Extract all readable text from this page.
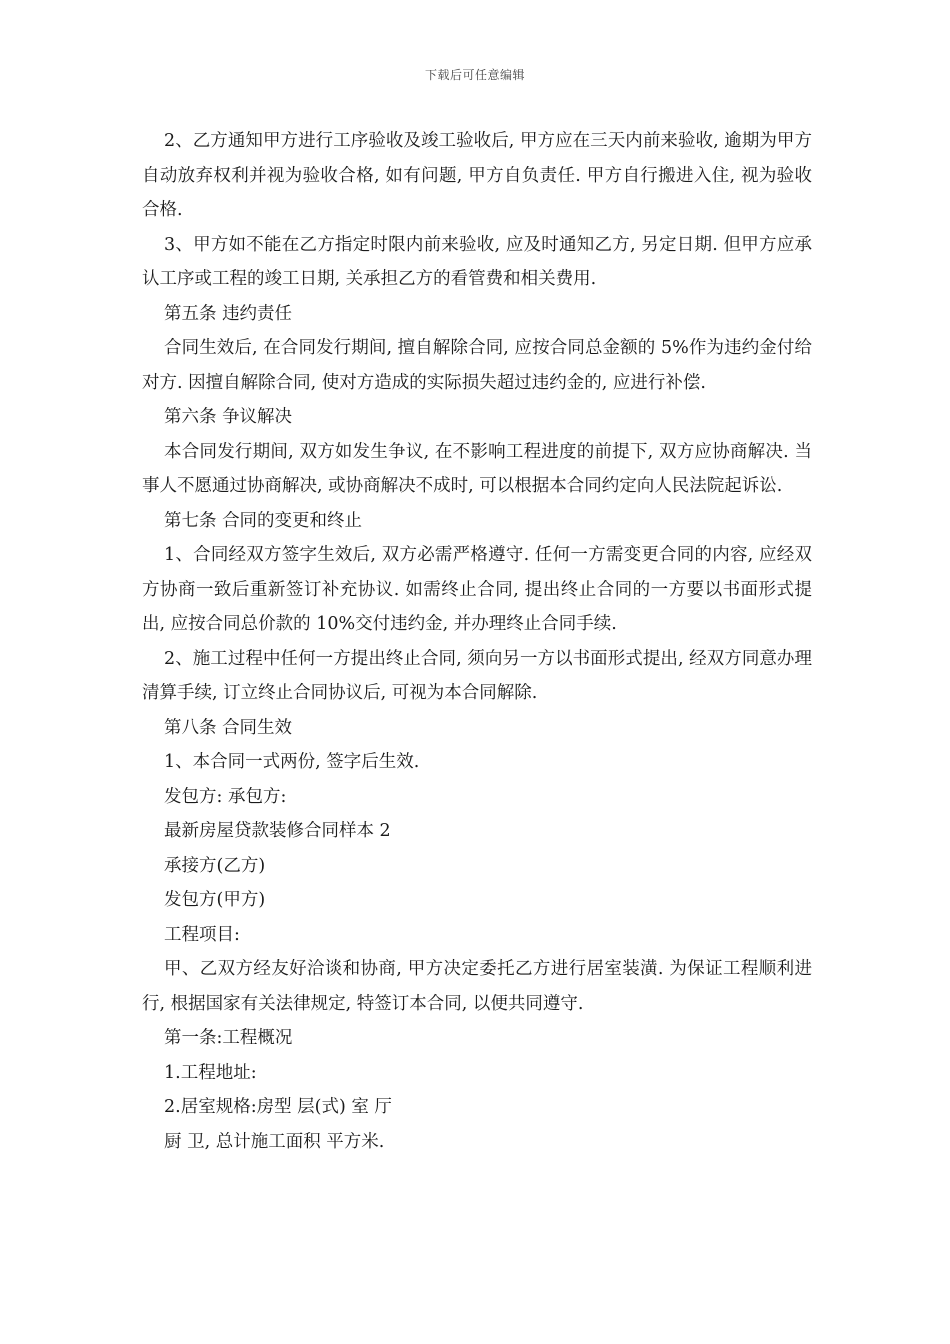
下载后可任意编辑

2、乙方通知甲方进行工序验收及竣工验收后, 甲方应在三天内前来验收, 逾期为甲方自动放弃权利并视为验收合格, 如有问题, 甲方自负责任. 甲方自行搬进入住, 视为验收合格.

3、甲方如不能在乙方指定时限内前来验收, 应及时通知乙方, 另定日期. 但甲方应承认工序或工程的竣工日期, 关承担乙方的看管费和相关费用.

第五条 违约责任

合同生效后, 在合同发行期间, 擅自解除合同, 应按合同总金额的 5%作为违约金付给对方. 因擅自解除合同, 使对方造成的实际损失超过违约金的, 应进行补偿.

第六条 争议解决

本合同发行期间, 双方如发生争议, 在不影响工程进度的前提下, 双方应协商解决. 当事人不愿通过协商解决, 或协商解决不成时, 可以根据本合同约定向人民法院起诉讼.

第七条 合同的变更和终止

1、合同经双方签字生效后, 双方必需严格遵守. 任何一方需变更合同的内容, 应经双方协商一致后重新签订补充协议. 如需终止合同, 提出终止合同的一方要以书面形式提出, 应按合同总价款的 10%交付违约金, 并办理终止合同手续.

2、施工过程中任何一方提出终止合同, 须向另一方以书面形式提出, 经双方同意办理清算手续, 订立终止合同协议后, 可视为本合同解除.

第八条 合同生效

1、本合同一式两份, 签字后生效.

发包方: 承包方:

最新房屋贷款装修合同样本 2

承接方(乙方)

发包方(甲方)

工程项目:

甲、乙双方经友好洽谈和协商, 甲方决定委托乙方进行居室装潢. 为保证工程顺利进行, 根据国家有关法律规定, 特签订本合同, 以便共同遵守.

第一条:工程概况

1.工程地址:

2.居室规格:房型 层(式) 室 厅

厨 卫, 总计施工面积 平方米.
